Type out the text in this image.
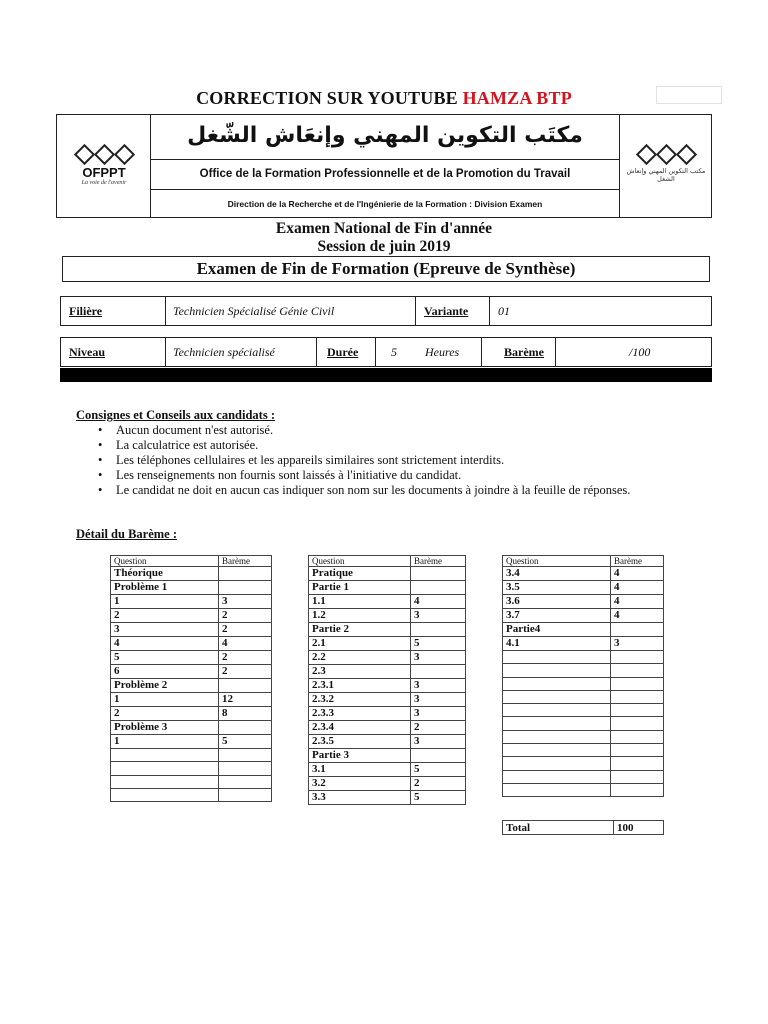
CORRECTION SUR YOUTUBE HAMZA BTP
OFPPT
La voie de l'avenir
مكتب التكوين المهني وإنعاش الشغل
مكتَب التكوين المهني وإنعَاش الشّغل
Office de la Formation Professionnelle et de la Promotion du Travail
Direction de la Recherche et de l'Ingénierie de la Formation : Division Examen
Examen National de Fin d'année
Session de juin 2019
Examen de Fin de Formation (Epreuve de Synthèse)
Filière	Technicien Spécialisé Génie Civil	Variante	01
Niveau	Technicien spécialisé	Durée	5	Heures	Barème	/100
Consignes et Conseils aux candidats :
• Aucun document n'est autorisé.
• La calculatrice est autorisée.
• Les téléphones cellulaires et les appareils similaires sont strictement interdits.
• Les renseignements non fournis sont laissés à l'initiative du candidat.
• Le candidat ne doit en aucun cas indiquer son nom sur les documents à joindre à la feuille de réponses.
Détail du Barème :
Question	Barème
Théorique	
Problème 1	
1	3
2	2
3	2
4	4
5	2
6	2
Problème 2	
1	12
2	8
Problème 3	
1	5

Question	Barème
Pratique	
Partie 1	
1.1	4
1.2	3
Partie 2	
2.1	5
2.2	3
2.3	
2.3.1	3
2.3.2	3
2.3.3	3
2.3.4	2
2.3.5	3
Partie 3	
3.1	5
3.2	2
3.3	5
Question	Barème
3.4	4
3.5	4
3.6	4
3.7	4
Partie4	
4.1	3

Total	100
